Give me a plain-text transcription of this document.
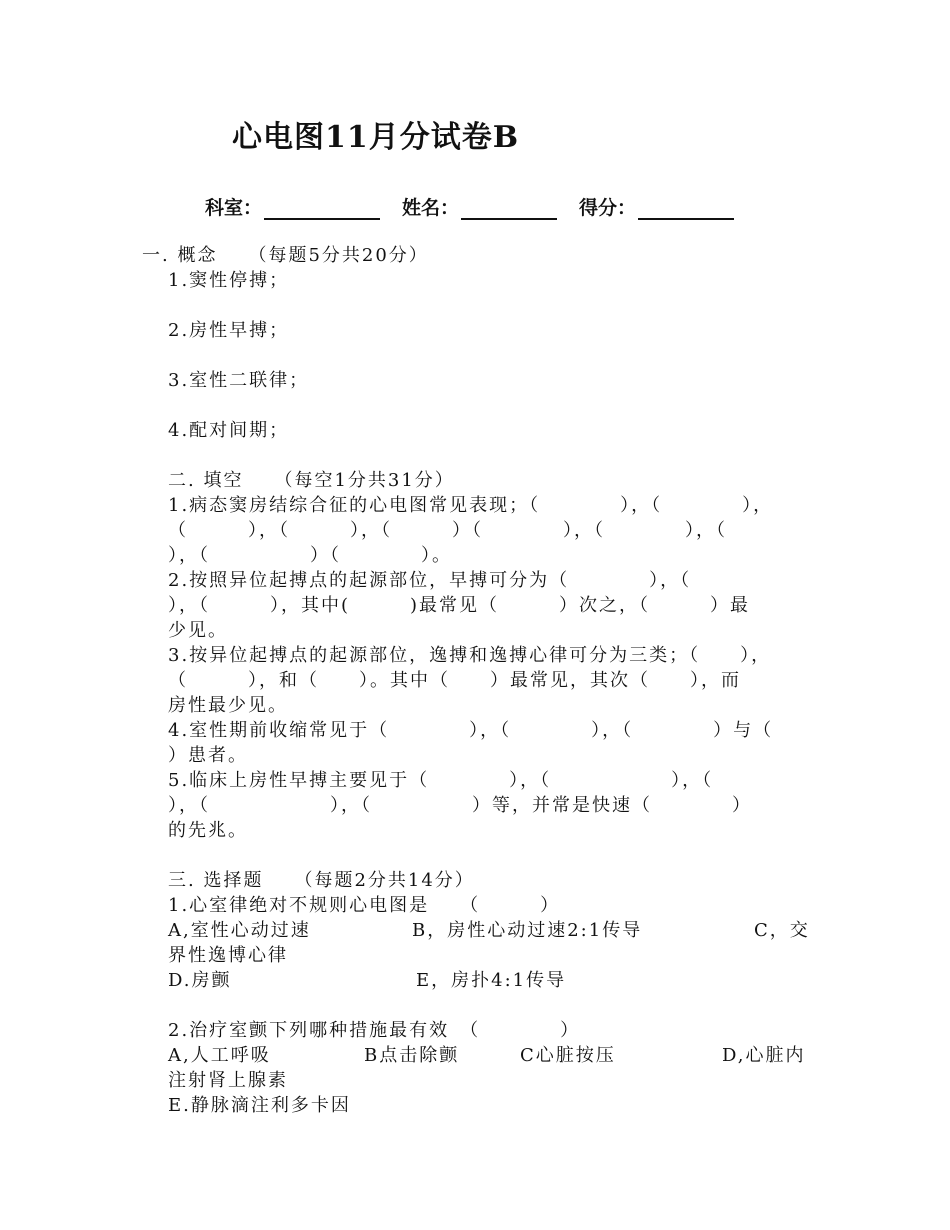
心电图11月分试卷B
科室：	姓名：	得分：
一. 概念　　（每题5分共20分）
1.窦性停搏；
2.房性早搏；
3.室性二联律；
4.配对间期；
二. 填空　　（每空1分共31分）
1.病态窦房结综合征的心电图常见表现；（　　　　），（　　　　），
（　　　），（　　　），（　　　）（　　　　），（　　　　），（
），（　　　　　）（　　　　）。
2.按照异位起搏点的起源部位，早搏可分为（　　　　），（
），（　　　），其中(　　　)最常见（　　　）次之，（　　　）最
少见。
3.按异位起搏点的起源部位，逸搏和逸搏心律可分为三类；（　　），
（　　　），和（　　）。其中（　　）最常见，其次（　　），而
房性最少见。
4.室性期前收缩常见于（　　　　），（　　　　），（　　　　）与（
）患者。
5.临床上房性早搏主要见于（　　　　），（　　　　　　），（
），（　　　　　　），（　　　　　）等，并常是快速（　　　　）
的先兆。
三. 选择题　　（每题2分共14分）
1.心室律绝对不规则心电图是　　（　　　）
A,室性心动过速	B，房性心动过速2:1传导	C，交
界性逸博心律
D.房颤	E，房扑4:1传导
2.治疗室颤下列哪种措施最有效　（　　　　）
A,人工呼吸	B点击除颤	C心脏按压	D,心脏内
注射肾上腺素
E.静脉滴注利多卡因
